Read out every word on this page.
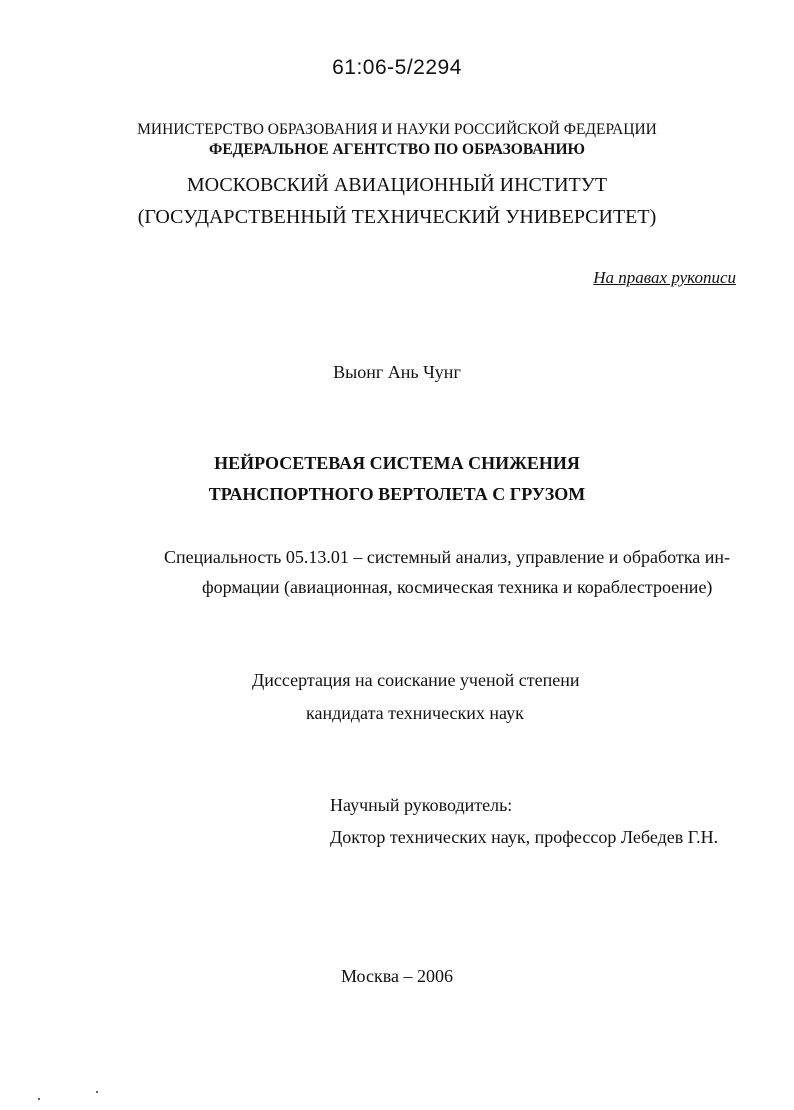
61:06-5/2294
МИНИСТЕРСТВО ОБРАЗОВАНИЯ И НАУКИ РОССИЙСКОЙ ФЕДЕРАЦИИ
ФЕДЕРАЛЬНОЕ АГЕНТСТВО ПО ОБРАЗОВАНИЮ
МОСКОВСКИЙ АВИАЦИОННЫЙ ИНСТИТУТ
(ГОСУДАРСТВЕННЫЙ ТЕХНИЧЕСКИЙ УНИВЕРСИТЕТ)
На правах рукописи
Выонг Ань Чунг
НЕЙРОСЕТЕВАЯ СИСТЕМА СНИЖЕНИЯ
ТРАНСПОРТНОГО ВЕРТОЛЕТА С ГРУЗОМ
Специальность 05.13.01 – системный анализ, управление и обработка ин-
формации (авиационная, космическая техника и кораблестроение)
Диссертация на соискание ученой степени
кандидата технических наук
Научный руководитель:
Доктор технических наук, профессор Лебедев Г.Н.
Москва – 2006
